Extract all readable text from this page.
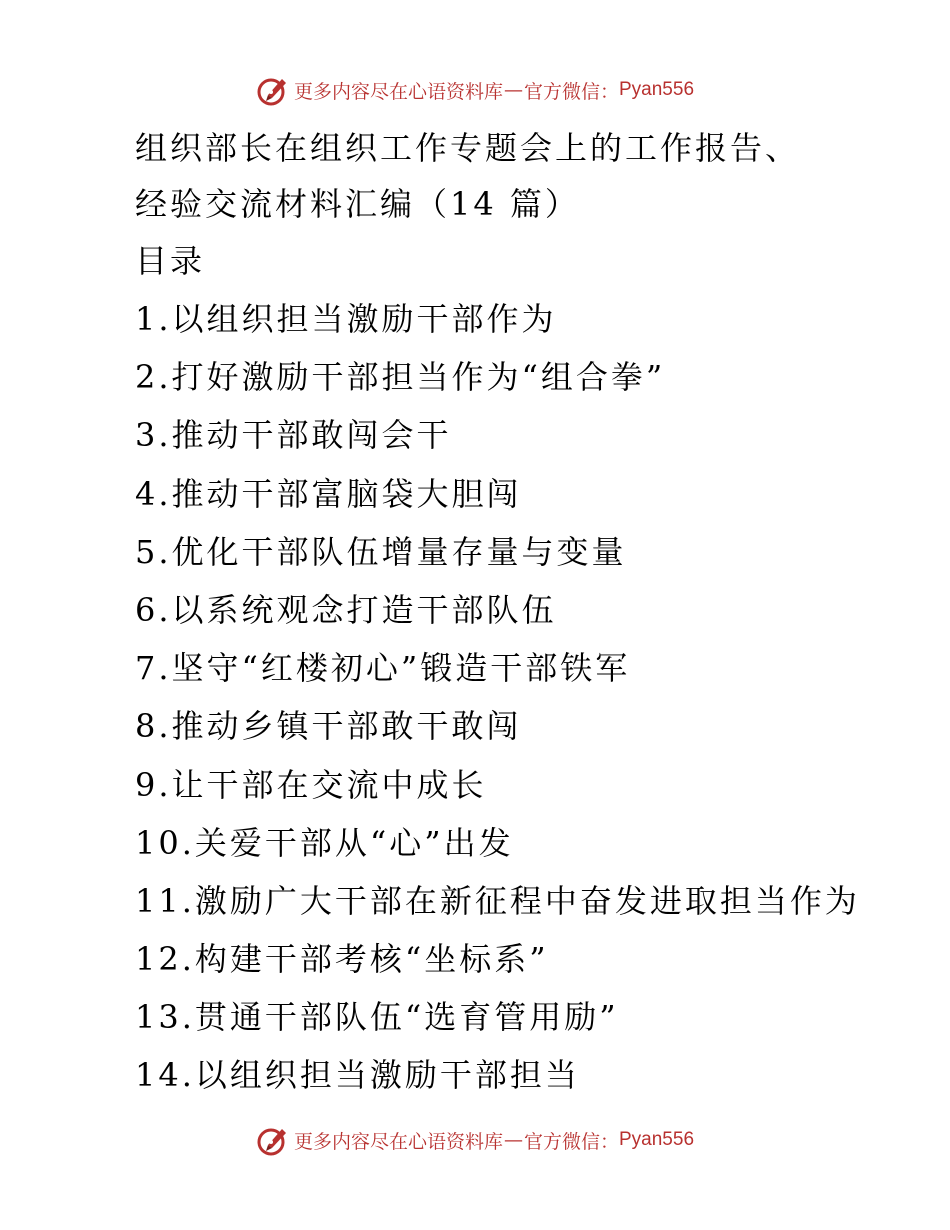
更多内容尽在心语资料库 — 官方微信： Pyan556
组织部长在组织工作专题会上的工作报告、
经验交流材料汇编（14 篇）
目录
1.以组织担当激励干部作为
2.打好激励干部担当作为“组合拳”
3.推动干部敢闯会干
4.推动干部富脑袋大胆闯
5.优化干部队伍增量存量与变量
6.以系统观念打造干部队伍
7.坚守“红楼初心”锻造干部铁军
8.推动乡镇干部敢干敢闯
9.让干部在交流中成长
10.关爱干部从“心”出发
11.激励广大干部在新征程中奋发进取担当作为
12.构建干部考核“坐标系”
13.贯通干部队伍“选育管用励”
14.以组织担当激励干部担当
更多内容尽在心语资料库 — 官方微信： Pyan556
